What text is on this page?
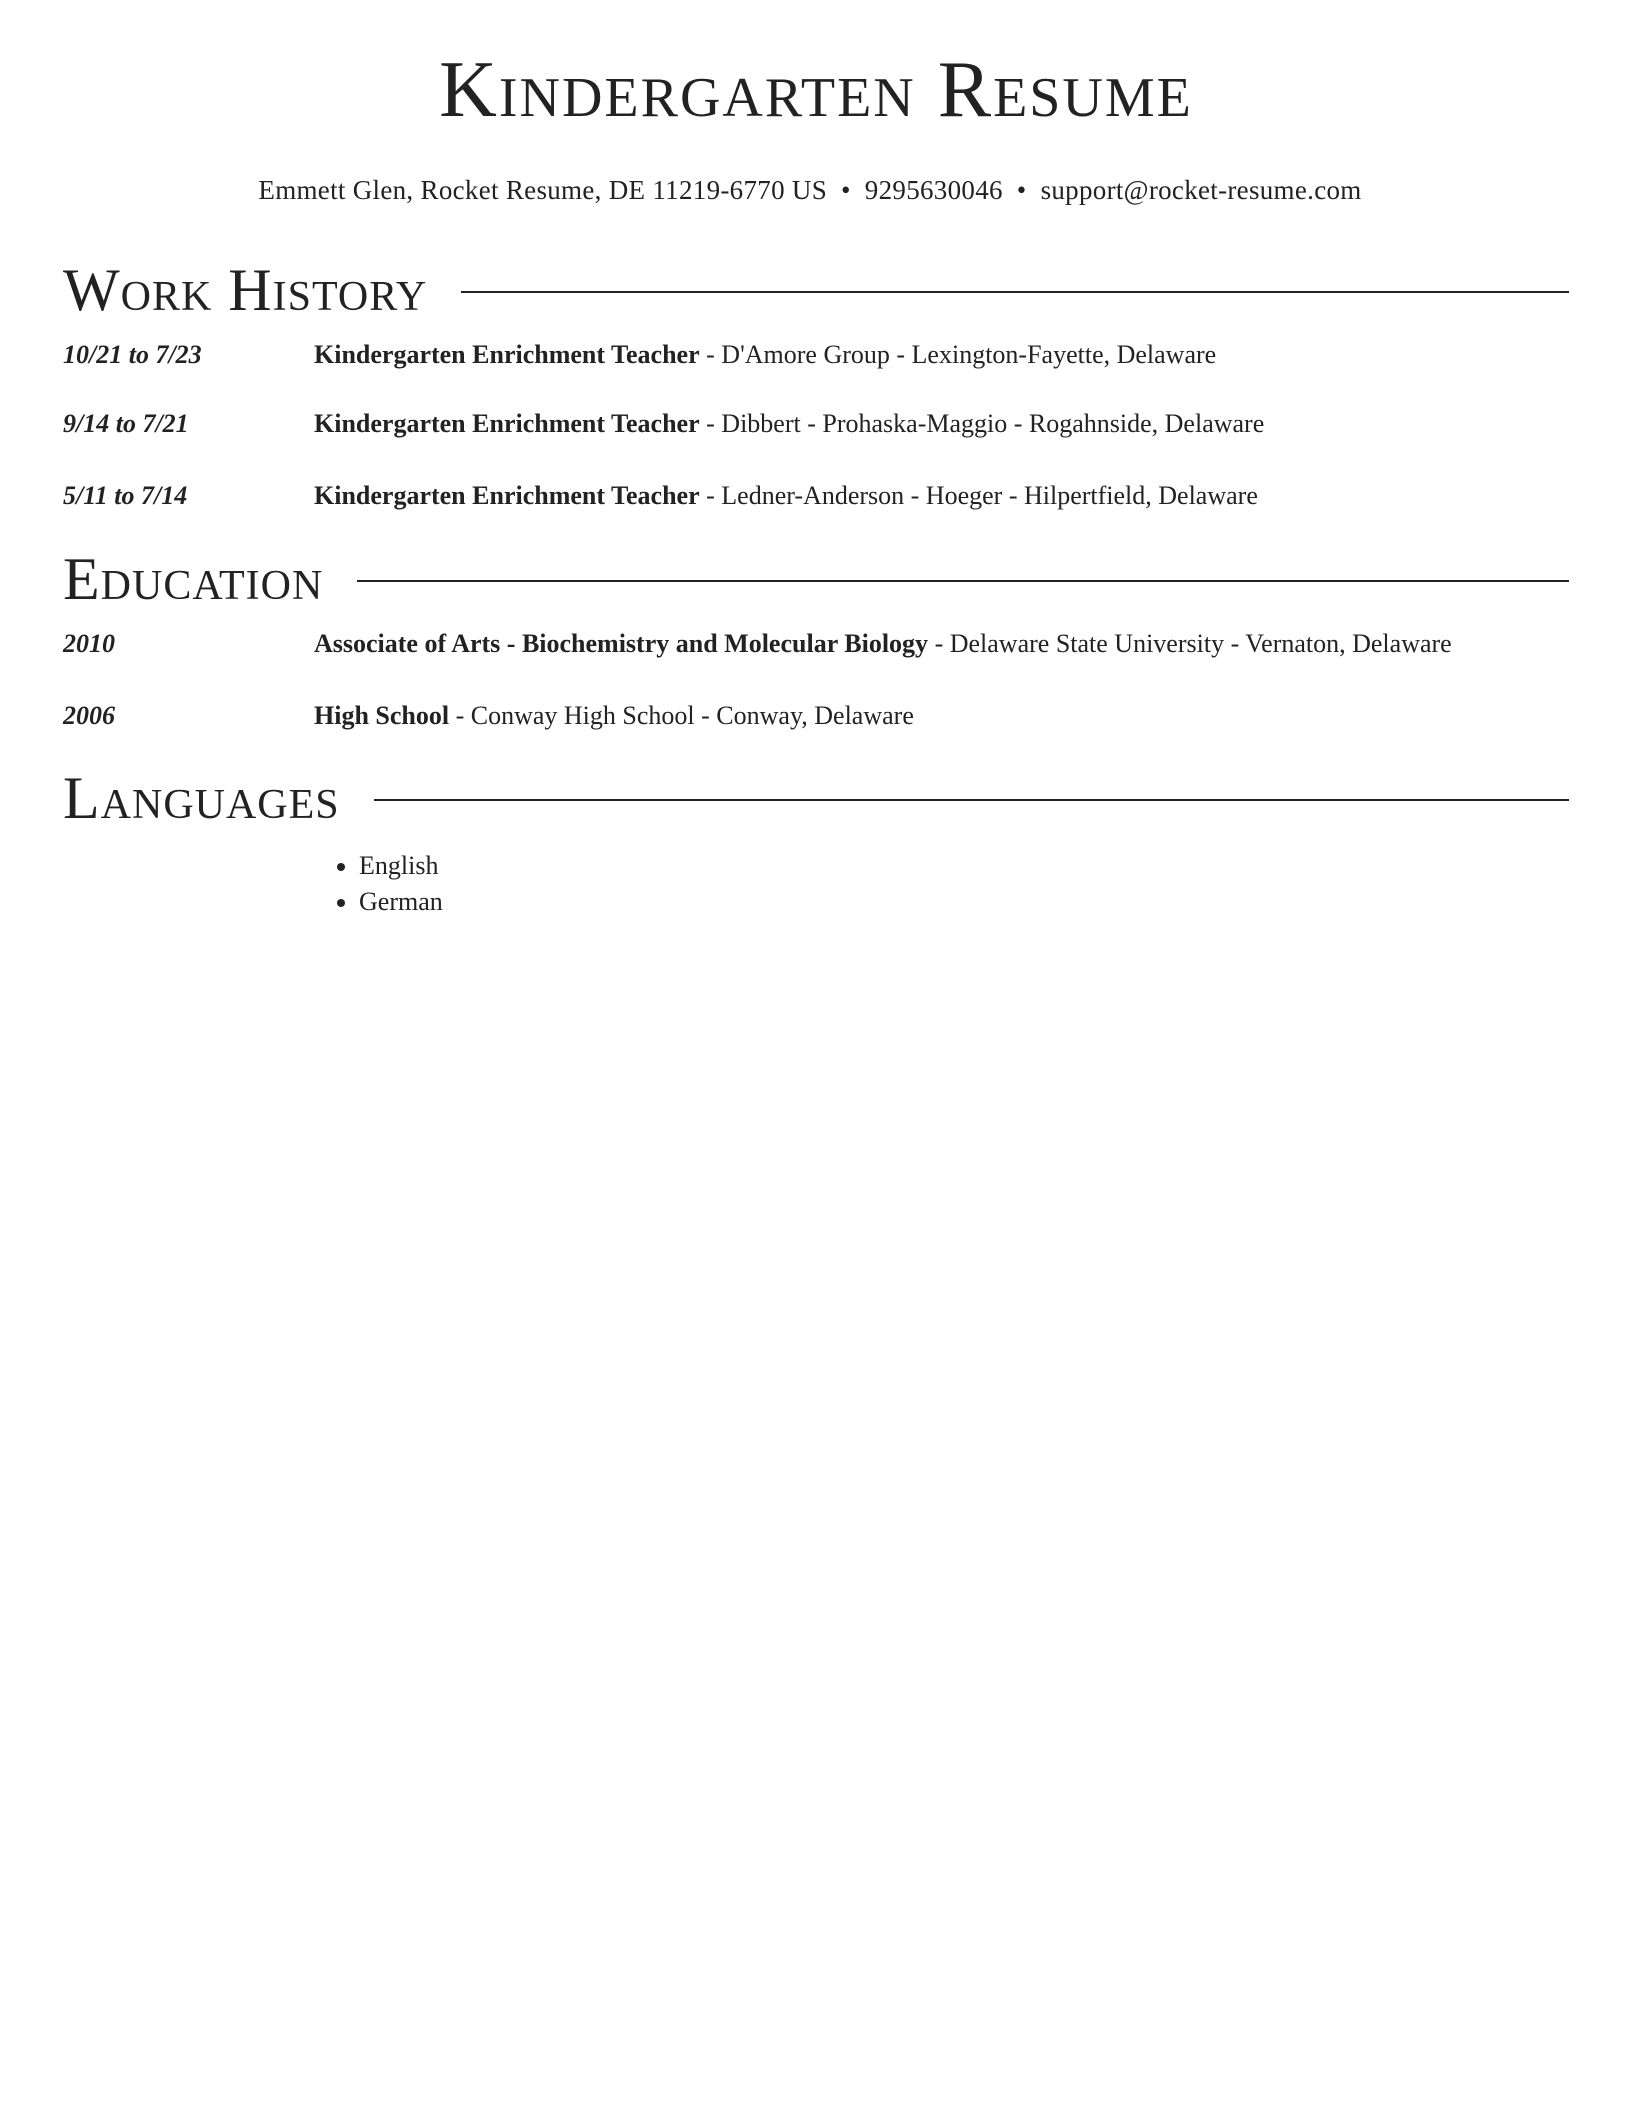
Kindergarten Resume
Emmett Glen, Rocket Resume, DE 11219-6770 US • 9295630046 • support@rocket-resume.com
Work History
10/21 to 7/23	Kindergarten Enrichment Teacher - D'Amore Group - Lexington-Fayette, Delaware
9/14 to 7/21	Kindergarten Enrichment Teacher - Dibbert - Prohaska-Maggio - Rogahnside, Delaware
5/11 to 7/14	Kindergarten Enrichment Teacher - Ledner-Anderson - Hoeger - Hilpertfield, Delaware
Education
2010	Associate of Arts - Biochemistry and Molecular Biology - Delaware State University - Vernaton, Delaware
2006	High School - Conway High School - Conway, Delaware
Languages
• English
• German
